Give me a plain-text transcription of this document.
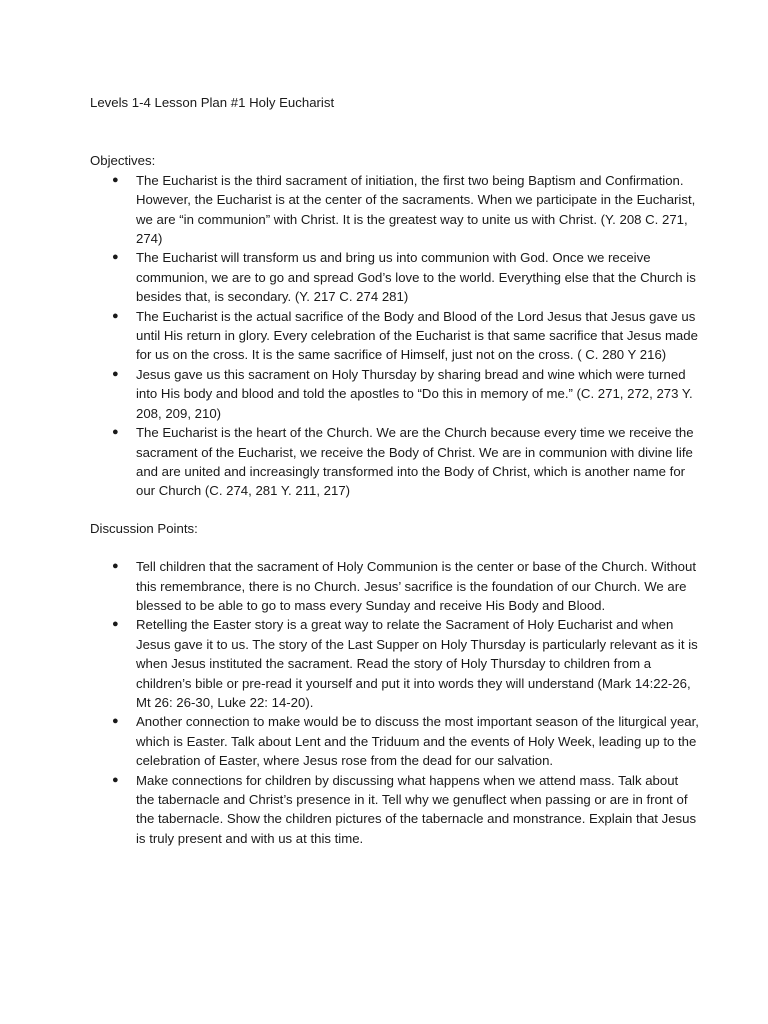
Levels 1-4 Lesson Plan #1 Holy Eucharist

Objectives:

● The Eucharist is the third sacrament of initiation, the first two being Baptism and Confirmation. However, the Eucharist is at the center of the sacraments. When we participate in the Eucharist, we are “in communion” with Christ. It is the greatest way to unite us with Christ. (Y. 208 C. 271, 274)
● The Eucharist will transform us and bring us into communion with God. Once we receive communion, we are to go and spread God’s love to the world. Everything else that the Church is besides that, is secondary. (Y. 217 C. 274 281)
● The Eucharist is the actual sacrifice of the Body and Blood of the Lord Jesus that Jesus gave us until His return in glory. Every celebration of the Eucharist is that same sacrifice that Jesus made for us on the cross. It is the same sacrifice of Himself, just not on the cross. ( C. 280 Y 216)
● Jesus gave us this sacrament on Holy Thursday by sharing bread and wine which were turned into His body and blood and told the apostles to “Do this in memory of me.” (C. 271, 272, 273 Y. 208, 209, 210)
● The Eucharist is the heart of the Church. We are the Church because every time we receive the sacrament of the Eucharist, we receive the Body of Christ. We are in communion with divine life and are united and increasingly transformed into the Body of Christ, which is another name for our Church (C. 274, 281 Y. 211, 217)

Discussion Points:

● Tell children that the sacrament of Holy Communion is the center or base of the Church. Without this remembrance, there is no Church. Jesus’ sacrifice is the foundation of our Church. We are blessed to be able to go to mass every Sunday and receive His Body and Blood.
● Retelling the Easter story is a great way to relate the Sacrament of Holy Eucharist and when Jesus gave it to us. The story of the Last Supper on Holy Thursday is particularly relevant as it is when Jesus instituted the sacrament. Read the story of Holy Thursday to children from a children’s bible or pre-read it yourself and put it into words they will understand (Mark 14:22-26, Mt 26: 26-30, Luke 22: 14-20).
● Another connection to make would be to discuss the most important season of the liturgical year, which is Easter. Talk about Lent and the Triduum and the events of Holy Week, leading up to the celebration of Easter, where Jesus rose from the dead for our salvation.
● Make connections for children by discussing what happens when we attend mass. Talk about the tabernacle and Christ’s presence in it. Tell why we genuflect when passing or are in front of the tabernacle. Show the children pictures of the tabernacle and monstrance. Explain that Jesus is truly present and with us at this time.
